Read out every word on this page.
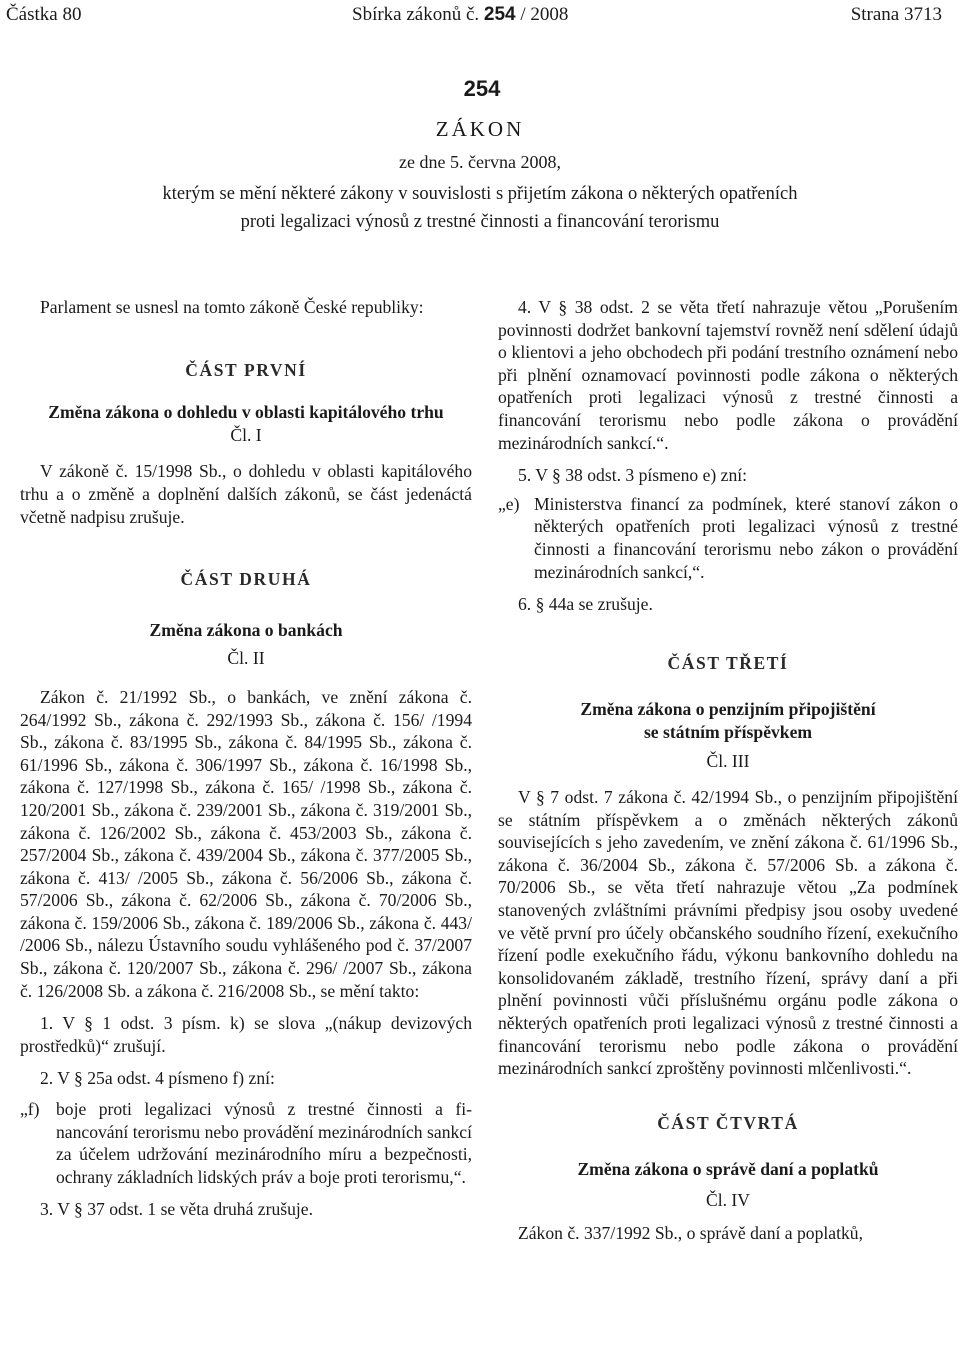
Částka 80	Sbírka zákonů č. 254 / 2008	Strana 3713
254
ZÁKON
ze dne 5. června 2008,
kterým se mění některé zákony v souvislosti s přijetím zákona o některých opatřeních
proti legalizaci výnosů z trestné činnosti a financování terorismu

Parlament se usnesl na tomto zákoně České republiky:

ČÁST PRVNÍ
Změna zákona o dohledu v oblasti kapitálového trhu
Čl. I

V zákoně č. 15/1998 Sb., o dohledu v oblasti kapitálového trhu a o změně a doplnění dalších zákonů, se část jedenáctá včetně nadpisu zrušuje.

ČÁST DRUHÁ
Změna zákona o bankách
Čl. II

Zákon č. 21/1992 Sb., o bankách, ve znění zákona č. 264/1992 Sb., zákona č. 292/1993 Sb., zákona č. 156/ /1994 Sb., zákona č. 83/1995 Sb., zákona č. 84/1995 Sb., zákona č. 61/1996 Sb., zákona č. 306/1997 Sb., zákona č. 16/1998 Sb., zákona č. 127/1998 Sb., zákona č. 165/ /1998 Sb., zákona č. 120/2001 Sb., zákona č. 239/2001 Sb., zákona č. 319/2001 Sb., zákona č. 126/2002 Sb., zákona č. 453/2003 Sb., zákona č. 257/2004 Sb., zákona č. 439/2004 Sb., zákona č. 377/2005 Sb., zákona č. 413/ /2005 Sb., zákona č. 56/2006 Sb., zákona č. 57/2006 Sb., zákona č. 62/2006 Sb., zákona č. 70/2006 Sb., zákona č. 159/2006 Sb., zákona č. 189/2006 Sb., zákona č. 443/ /2006 Sb., nálezu Ústavního soudu vyhlášeného pod č. 37/2007 Sb., zákona č. 120/2007 Sb., zákona č. 296/ /2007 Sb., zákona č. 126/2008 Sb. a zákona č. 216/2008 Sb., se mění takto:

1. V § 1 odst. 3 písm. k) se slova „(nákup devizových prostředků)“ zrušují.

2. V § 25a odst. 4 písmeno f) zní:

„f) boje proti legalizaci výnosů z trestné činnosti a financování terorismu nebo provádění mezinárodních sankcí za účelem udržování mezinárodního míru a bezpečnosti, ochrany základních lidských práv a boje proti terorismu,“.

3. V § 37 odst. 1 se věta druhá zrušuje.

4. V § 38 odst. 2 se věta třetí nahrazuje větou „Porušením povinnosti dodržet bankovní tajemství rovněž není sdělení údajů o klientovi a jeho obchodech při podání trestního oznámení nebo při plnění oznamovací povinnosti podle zákona o některých opatřeních proti legalizaci výnosů z trestné činnosti a financování terorismu nebo podle zákona o provádění mezinárodních sankcí.“.

5. V § 38 odst. 3 písmeno e) zní:

„e) Ministerstva financí za podmínek, které stanoví zákon o některých opatřeních proti legalizaci výnosů z trestné činnosti a financování terorismu nebo zákon o provádění mezinárodních sankcí,“.

6. § 44a se zrušuje.

ČÁST TŘETÍ
Změna zákona o penzijním připojištění
se státním příspěvkem
Čl. III

V § 7 odst. 7 zákona č. 42/1994 Sb., o penzijním připojištění se státním příspěvkem a o změnách některých zákonů souvisejících s jeho zavedením, ve znění zákona č. 61/1996 Sb., zákona č. 36/2004 Sb., zákona č. 57/2006 Sb. a zákona č. 70/2006 Sb., se věta třetí nahrazuje větou „Za podmínek stanovených zvláštními právními předpisy jsou osoby uvedené ve větě první pro účely občanského soudního řízení, exekučního řízení podle exekučního řádu, výkonu bankovního dohledu na konsolidovaném základě, trestního řízení, správy daní a při plnění povinnosti vůči příslušnému orgánu podle zákona o některých opatřeních proti legalizaci výnosů z trestné činnosti a financování terorismu nebo podle zákona o provádění mezinárodních sankcí zproštěny povinnosti mlčenlivosti.“.

ČÁST ČTVRTÁ
Změna zákona o správě daní a poplatků
Čl. IV

Zákon č. 337/1992 Sb., o správě daní a poplatků,
